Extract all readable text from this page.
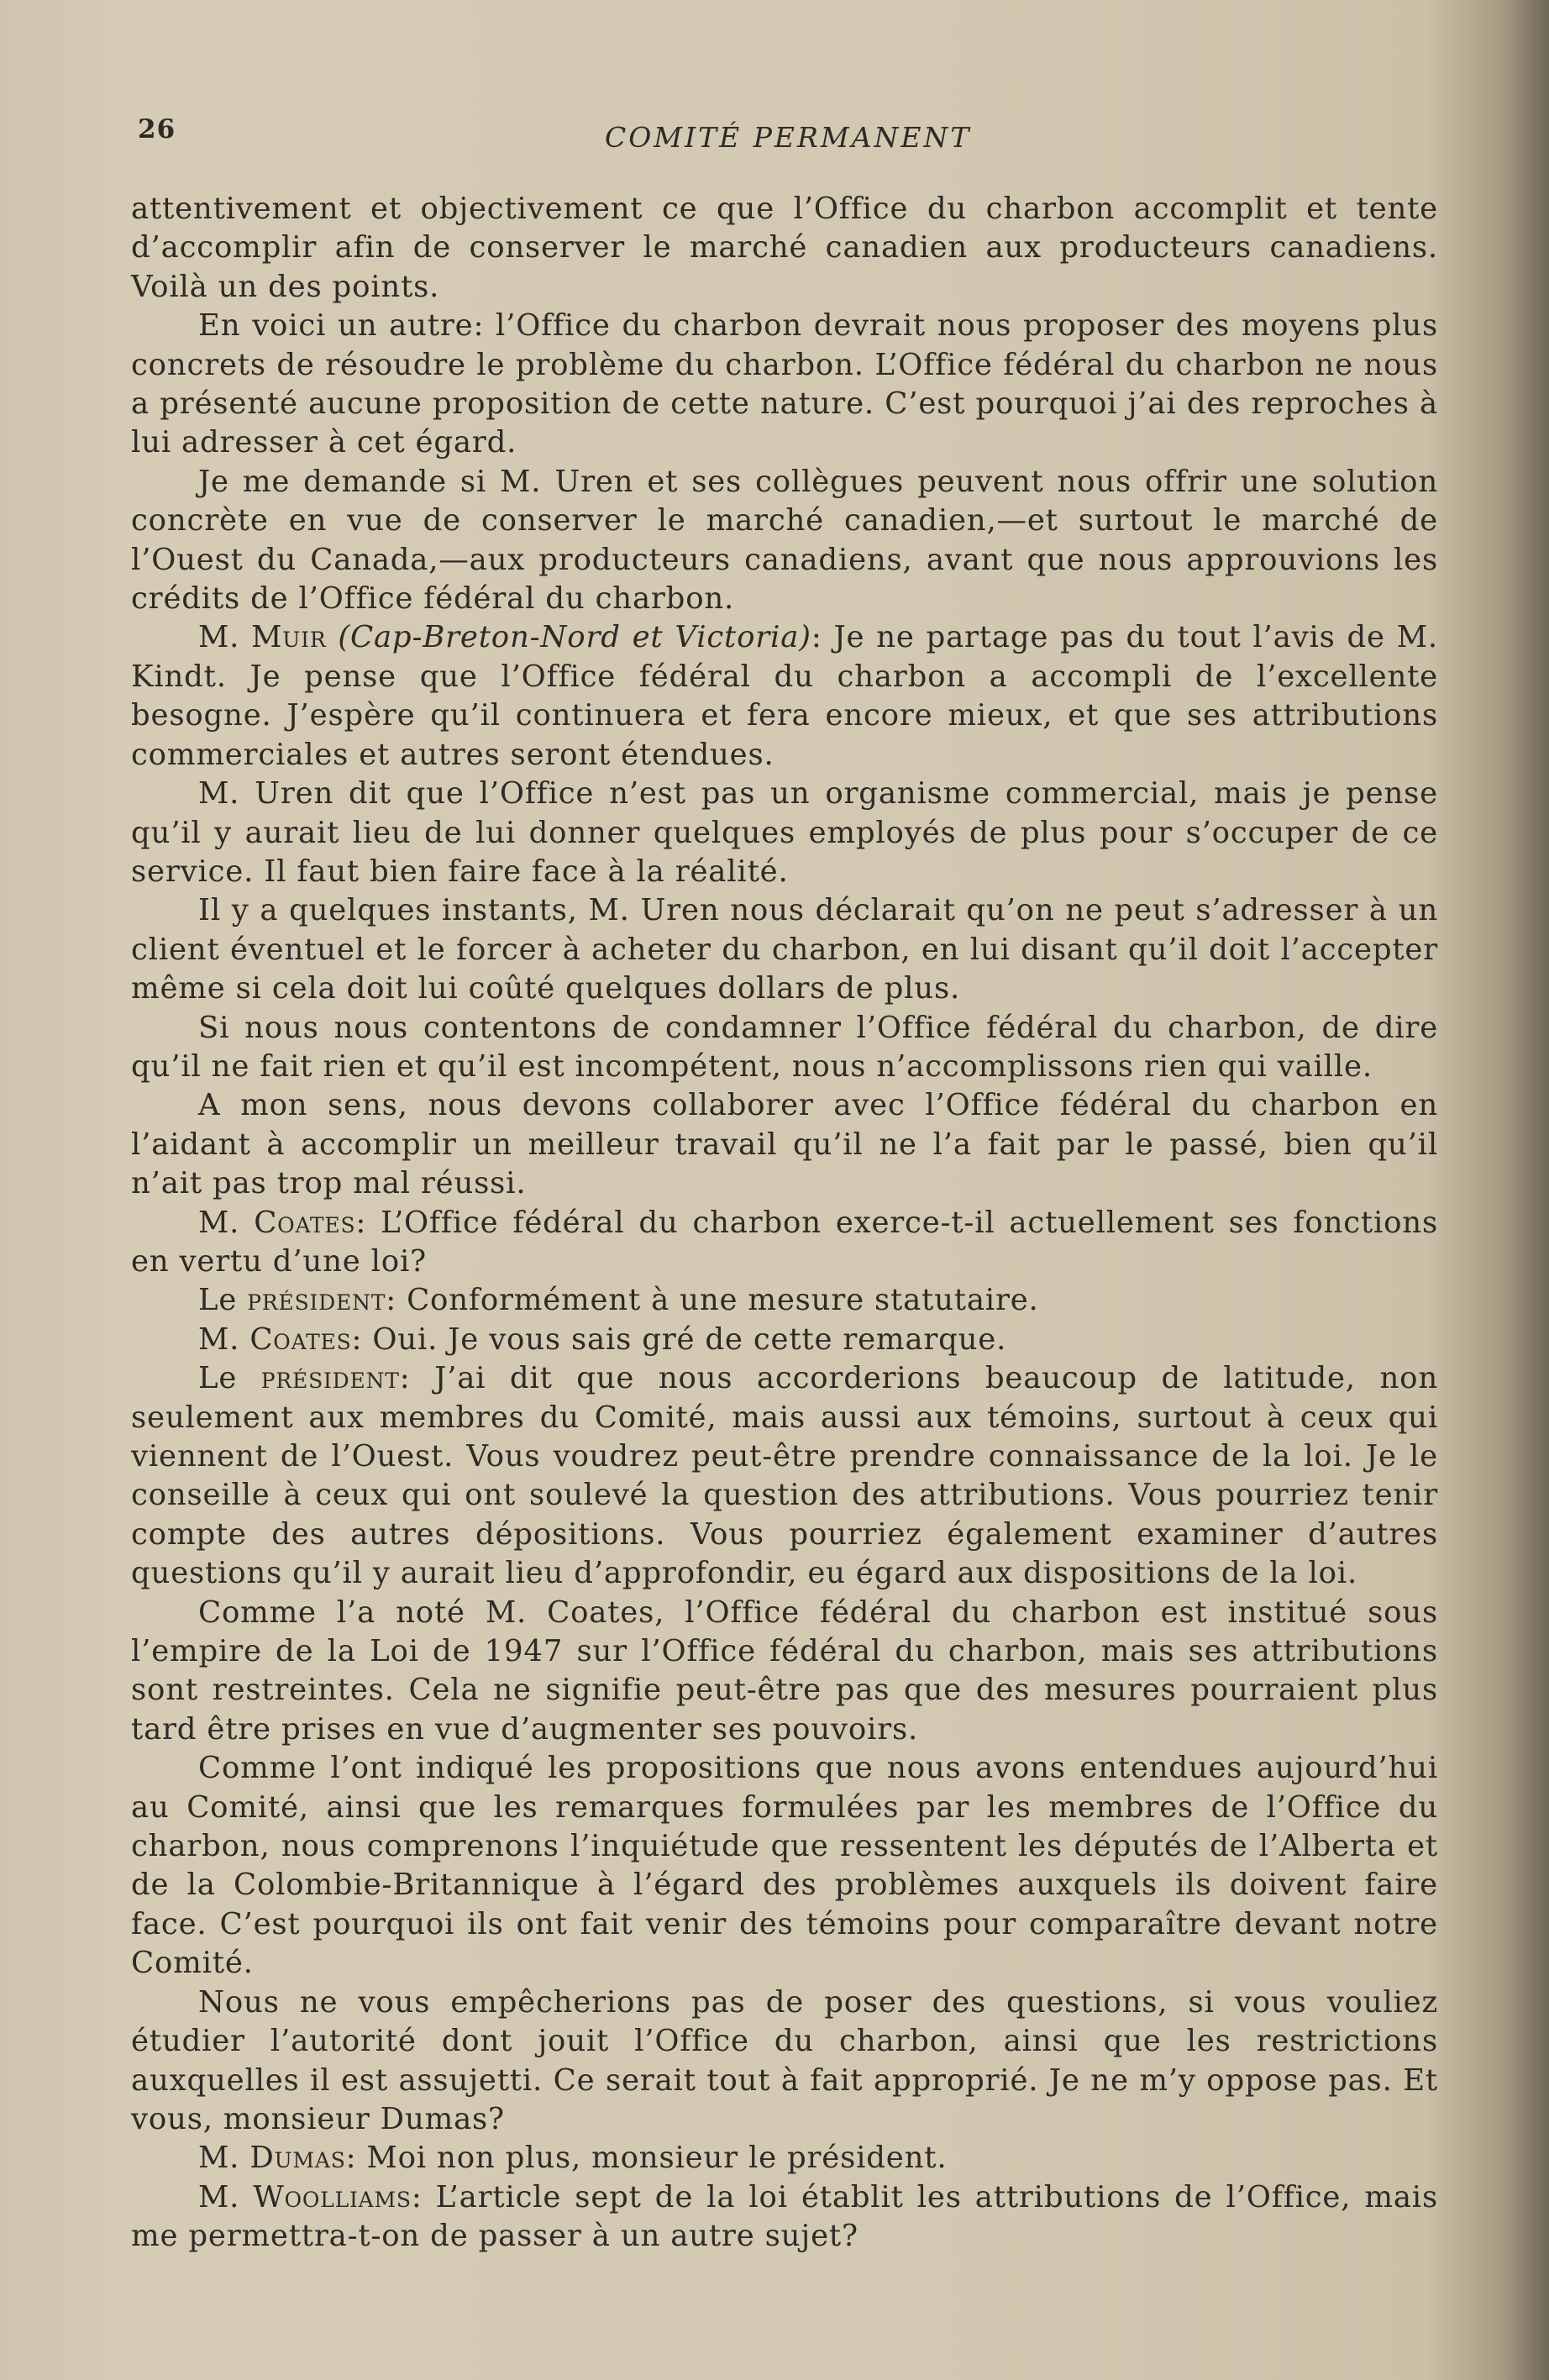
26	COMITÉ PERMANENT

attentivement et objectivement ce que l’Office du charbon accomplit et tente d’accomplir afin de conserver le marché canadien aux producteurs canadiens. Voilà un des points.

En voici un autre: l’Office du charbon devrait nous proposer des moyens plus concrets de résoudre le problème du charbon. L’Office fédéral du charbon ne nous a présenté aucune proposition de cette nature. C’est pourquoi j’ai des reproches à lui adresser à cet égard.

Je me demande si M. Uren et ses collègues peuvent nous offrir une solution concrète en vue de conserver le marché canadien,—et surtout le marché de l’Ouest du Canada,—aux producteurs canadiens, avant que nous approuvions les crédits de l’Office fédéral du charbon.

M. Muir (Cap-Breton-Nord et Victoria): Je ne partage pas du tout l’avis de M. Kindt. Je pense que l’Office fédéral du charbon a accompli de l’excellente besogne. J’espère qu’il continuera et fera encore mieux, et que ses attributions commerciales et autres seront étendues.

M. Uren dit que l’Office n’est pas un organisme commercial, mais je pense qu’il y aurait lieu de lui donner quelques employés de plus pour s’occuper de ce service. Il faut bien faire face à la réalité.

Il y a quelques instants, M. Uren nous déclarait qu’on ne peut s’adresser à un client éventuel et le forcer à acheter du charbon, en lui disant qu’il doit l’accepter même si cela doit lui coûté quelques dollars de plus.

Si nous nous contentons de condamner l’Office fédéral du charbon, de dire qu’il ne fait rien et qu’il est incompétent, nous n’accomplissons rien qui vaille.

A mon sens, nous devons collaborer avec l’Office fédéral du charbon en l’aidant à accomplir un meilleur travail qu’il ne l’a fait par le passé, bien qu’il n’ait pas trop mal réussi.

M. Coates: L’Office fédéral du charbon exerce-t-il actuellement ses fonctions en vertu d’une loi?

Le président: Conformément à une mesure statutaire.

M. Coates: Oui. Je vous sais gré de cette remarque.

Le président: J’ai dit que nous accorderions beaucoup de latitude, non seulement aux membres du Comité, mais aussi aux témoins, surtout à ceux qui viennent de l’Ouest. Vous voudrez peut-être prendre connaissance de la loi. Je le conseille à ceux qui ont soulevé la question des attributions. Vous pourriez tenir compte des autres dépositions. Vous pourriez également examiner d’autres questions qu’il y aurait lieu d’approfondir, eu égard aux dispositions de la loi.

Comme l’a noté M. Coates, l’Office fédéral du charbon est institué sous l’empire de la Loi de 1947 sur l’Office fédéral du charbon, mais ses attributions sont restreintes. Cela ne signifie peut-être pas que des mesures pourraient plus tard être prises en vue d’augmenter ses pouvoirs.

Comme l’ont indiqué les propositions que nous avons entendues aujourd’hui au Comité, ainsi que les remarques formulées par les membres de l’Office du charbon, nous comprenons l’inquiétude que ressentent les députés de l’Alberta et de la Colombie-Britannique à l’égard des problèmes auxquels ils doivent faire face. C’est pourquoi ils ont fait venir des témoins pour comparaître devant notre Comité.

Nous ne vous empêcherions pas de poser des questions, si vous vouliez étudier l’autorité dont jouit l’Office du charbon, ainsi que les restrictions auxquelles il est assujetti. Ce serait tout à fait approprié. Je ne m’y oppose pas. Et vous, monsieur Dumas?

M. Dumas: Moi non plus, monsieur le président.

M. Woolliams: L’article sept de la loi établit les attributions de l’Office, mais me permettra-t-on de passer à un autre sujet?
